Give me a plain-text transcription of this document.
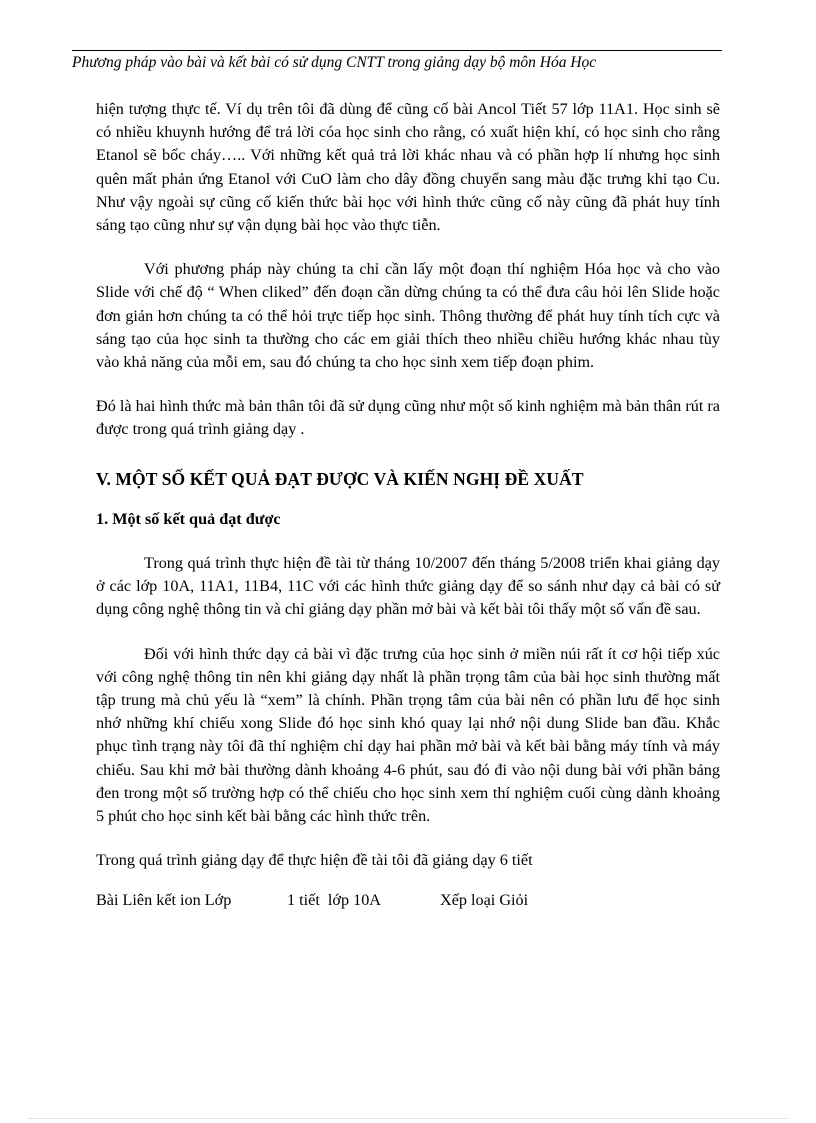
Phương pháp vào bài và kết bài có sử dụng CNTT trong giảng dạy bộ môn Hóa Học

hiện tượng thực tế. Ví dụ trên tôi đã dùng để cũng cố bài Ancol Tiết 57 lớp 11A1. Học sinh sẽ có nhiều khuynh hướng để trả lời cóa học sinh cho rằng, có xuất hiện khí, có học sinh cho rằng Etanol sẽ bốc cháy….. Với những kết quả trả lời khác nhau và có phần hợp lí nhưng học sinh quên mất phản ứng Etanol với CuO làm cho dây đồng chuyển sang màu đặc trưng khi tạo Cu. Như vậy ngoài sự cũng cố kiến thức bài học với hình thức cũng cố này cũng đã phát huy tính sáng tạo cũng như sự vận dụng bài học vào thực tiễn.

Với phương pháp này chúng ta chỉ cần lấy một đoạn thí nghiệm Hóa học và cho vào Slide với chế độ “ When cliked” đến đoạn cần dừng chúng ta có thể đưa câu hỏi lên Slide hoặc đơn giản hơn chúng ta có thể hỏi trực tiếp học sinh. Thông thường để phát huy tính tích cực và sáng tạo của học sinh ta thường cho các em giải thích theo nhiều chiều hướng khác nhau tùy vào khả năng của mỗi em, sau đó chúng ta cho học sinh xem tiếp đoạn phim.

Đó là hai hình thức mà bản thân tôi đã sử dụng cũng như một số kinh nghiệm mà bản thân rút ra được trong quá trình giảng dạy .

V. MỘT SỐ KẾT QUẢ ĐẠT ĐƯỢC VÀ KIẾN NGHỊ ĐỀ XUẤT
1. Một số kết quả đạt được

Trong quá trình thực hiện đề tài từ tháng 10/2007 đến tháng 5/2008 triển khai giảng dạy ở các lớp 10A, 11A1, 11B4, 11C với các hình thức giảng dạy để so sánh như dạy cả bài có sử dụng công nghệ thông tin và chỉ giảng dạy phần mở bài và kết bài tôi thấy một số vấn đề sau.

Đối với hình thức dạy cả bài vì đặc trưng của học sinh ở miền núi rất ít cơ hội tiếp xúc với công nghệ thông tin nên khi giảng dạy nhất là phần trọng tâm của bài học sinh thường mất tập trung mà chủ yếu là “xem” là chính. Phần trọng tâm của bài nên có phần lưu để học sinh nhớ những khí chiếu xong Slide đó học sinh khó quay lại nhớ nội dung Slide ban đầu. Khắc phục tình trạng này tôi đã thí nghiệm chỉ dạy hai phần mở bài và kết bài bằng máy tính và máy chiếu. Sau khi mở bài thường dành khoảng 4-6 phút, sau đó đi vào nội dung bài với phần bảng đen trong một số trường hợp có thể chiếu cho học sinh xem thí nghiệm cuối cùng dành khoảng 5 phút cho học sinh kết bài bằng các hình thức trên.

Trong quá trình giảng dạy để thực hiện đề tài tôi đã giảng dạy 6 tiết

Bài Liên kết ion Lớp	1 tiết  lớp 10A	Xếp loại Giỏi
